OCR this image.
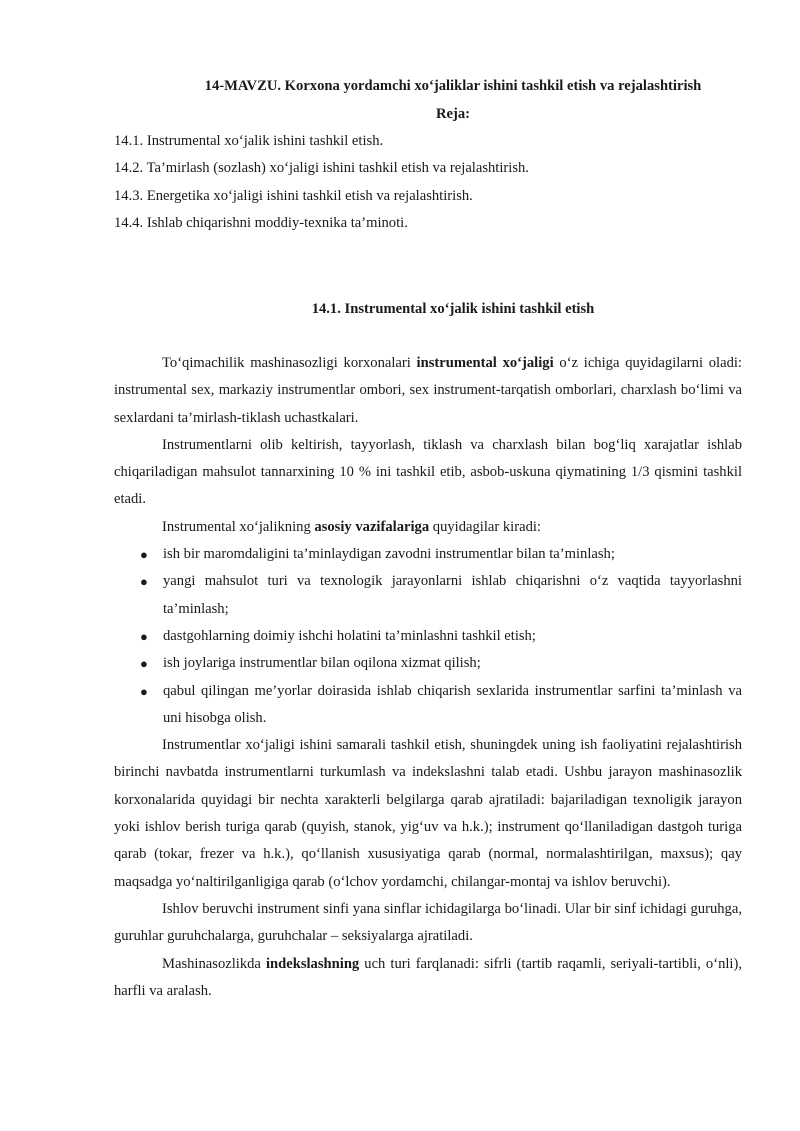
14-MAVZU. Korxona yordamchi xo‘jaliklar ishini tashkil etish va rejalashtirish
Reja:
14.1. Instrumental xo‘jalik ishini tashkil etish.
14.2. Ta’mirlash (sozlash) xo‘jaligi ishini tashkil etish va rejalashtirish.
14.3. Energetika xo‘jaligi ishini tashkil etish va rejalashtirish.
14.4. Ishlab chiqarishni moddiy-texnika ta’minoti.
14.1. Instrumental xo‘jalik ishini tashkil etish

To‘qimachilik mashinasozligi korxonalari instrumental xo‘jaligi o‘z ichiga quyidagilarni oladi: instrumental sex, markaziy instrumentlar ombori, sex instrument-tarqatish omborlari, charxlash bo‘limi va sexlardani ta’mirlash-tiklash uchastkalari.

Instrumentlarni olib keltirish, tayyorlash, tiklash va charxlash bilan bog‘liq xarajatlar ishlab chiqariladigan mahsulot tannarxining 10 % ini tashkil etib, asbob-uskuna qiymatining 1/3 qismini tashkil etadi.

Instrumental xo‘jalikning asosiy vazifalariga quyidagilar kiradi:

● ish bir maromdaligini ta’minlaydigan zavodni instrumentlar bilan ta’minlash;
● yangi mahsulot turi va texnologik jarayonlarni ishlab chiqarishni o‘z vaqtida tayyorlashni ta’minlash;
● dastgohlarning doimiy ishchi holatini ta’minlashni tashkil etish;
● ish joylariga instrumentlar bilan oqilona xizmat qilish;
● qabul qilingan me’yorlar doirasida ishlab chiqarish sexlarida instrumentlar sarfini ta’minlash va uni hisobga olish.

Instrumentlar xo‘jaligi ishini samarali tashkil etish, shuningdek uning ish faoliyatini rejalashtirish birinchi navbatda instrumentlarni turkumlash va indekslashni talab etadi. Ushbu jarayon mashinasozlik korxonalarida quyidagi bir nechta xarakterli belgilarga qarab ajratiladi: bajariladigan texnoligik jarayon yoki ishlov berish turiga qarab (quyish, stanok, yig‘uv va h.k.); instrument qo‘llaniladigan dastgoh turiga qarab (tokar, frezer va h.k.), qo‘llanish xususiyatiga qarab (normal, normalashtirilgan, maxsus); qay maqsadga yo‘naltirilganligiga qarab (o‘lchov yordamchi, chilangar-montaj va ishlov beruvchi).

Ishlov beruvchi instrument sinfi yana sinflar ichidagilarga bo‘linadi. Ular bir sinf ichidagi guruhga, guruhlar guruhchalarga, guruhchalar – seksiyalarga ajratiladi.

Mashinasozlikda indekslashning uch turi farqlanadi: sifrli (tartib raqamli, seriyali-tartibli, o‘nli), harfli va aralash.
